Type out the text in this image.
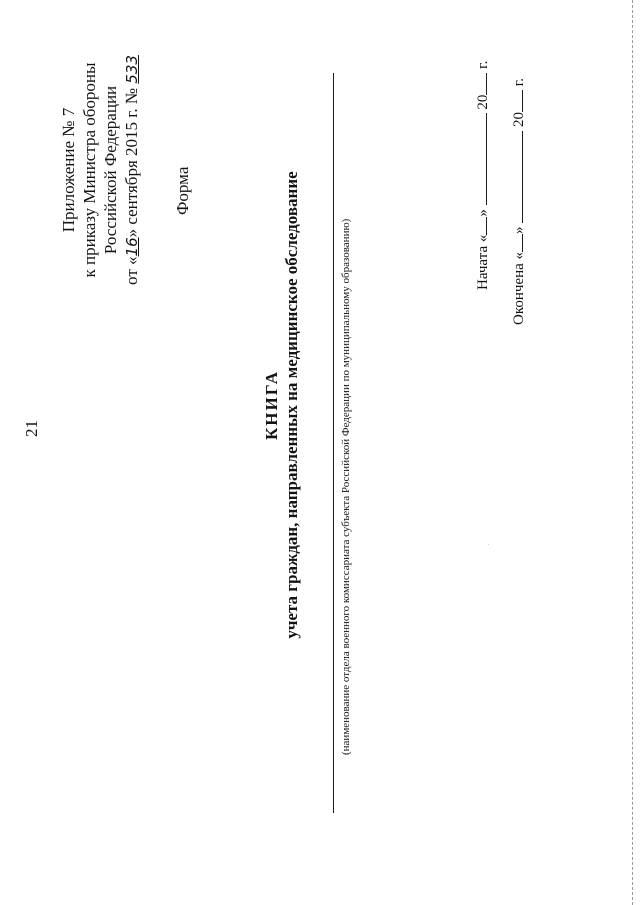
21
Приложение № 7 к приказу Министра обороны Российской Федерации
от «16» сентября 2015 г. № 533
Форма
КНИГА учета граждан, направленных на медицинское обследование	(наименование отдела военного комиссариата субъекта Российской Федерации по муниципальному образованию)	Начата «»  20 г.
Окончена «»  20 г.
